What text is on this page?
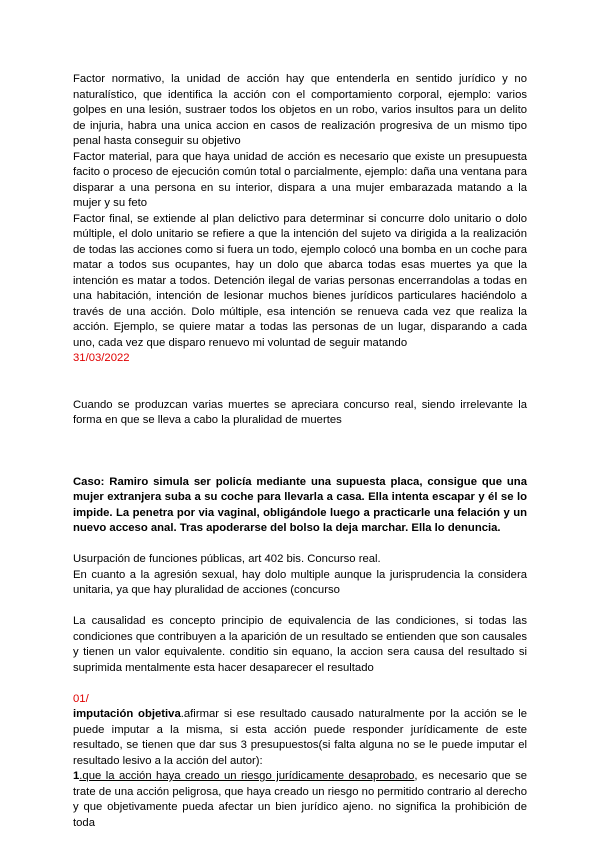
Factor normativo, la unidad de acción hay que entenderla en sentido jurídico y no naturalístico, que identifica la acción con el comportamiento corporal, ejemplo: varios golpes en una lesión, sustraer todos los objetos en un robo, varios insultos para un delito de injuria, habra una unica accion en casos de realización progresiva de un mismo tipo penal hasta conseguir su objetivo

Factor material, para que haya unidad de acción es necesario que existe un presupuesta facito o proceso de ejecución común total o parcialmente, ejemplo: daña una ventana para disparar a una persona en su interior, dispara a una mujer embarazada matando a la mujer y su feto

Factor final, se extiende al plan delictivo para determinar si concurre dolo unitario o dolo múltiple, el dolo unitario se refiere a que la intención del sujeto va dirigida a la realización de todas las acciones como si fuera un todo, ejemplo colocó una bomba en un coche para matar a todos sus ocupantes, hay un dolo que abarca todas esas muertes ya que la intención es matar a todos. Detención ilegal de varias personas encerrandolas a todas en una habitación, intención de lesionar muchos bienes jurídicos particulares haciéndolo a través de una acción. Dolo múltiple, esa intención se renueva cada vez que realiza la acción. Ejemplo, se quiere matar a todas las personas de un lugar, disparando a cada uno, cada vez que disparo renuevo mi voluntad de seguir matando

31/03/2022

Cuando se produzcan varias muertes se apreciara concurso real, siendo irrelevante la forma en que se lleva a cabo la pluralidad de muertes

Caso: Ramiro simula ser policía mediante una supuesta placa, consigue que una mujer extranjera suba a su coche para llevarla a casa. Ella intenta escapar y él se lo impide. La penetra por via vaginal, obligándole luego a practicarle una felación y un nuevo acceso anal. Tras apoderarse del bolso la deja marchar. Ella lo denuncia.

Usurpación de funciones públicas, art 402 bis. Concurso real.

En cuanto a la agresión sexual, hay dolo multiple aunque la jurisprudencia la considera unitaria, ya que hay pluralidad de acciones (concurso

La causalidad es concepto principio de equivalencia de las condiciones, si todas las condiciones que contribuyen a la aparición de un resultado se entienden que son causales y tienen un valor equivalente. conditio sin equano, la accion sera causa del resultado si suprimida mentalmente esta hacer desaparecer el resultado

01/

imputación objetiva.afirmar si ese resultado causado naturalmente por la acción se le puede imputar a la misma, si esta acción puede responder jurídicamente de este resultado, se tienen que dar sus 3 presupuestos(si falta alguna no se le puede imputar el resultado lesivo a la acción del autor):

1.que la acción haya creado un riesgo jurídicamente desaprobado, es necesario que se trate de una acción peligrosa, que haya creado un riesgo no permitido contrario al derecho y que objetivamente pueda afectar un bien jurídico ajeno. no significa la prohibición de toda
